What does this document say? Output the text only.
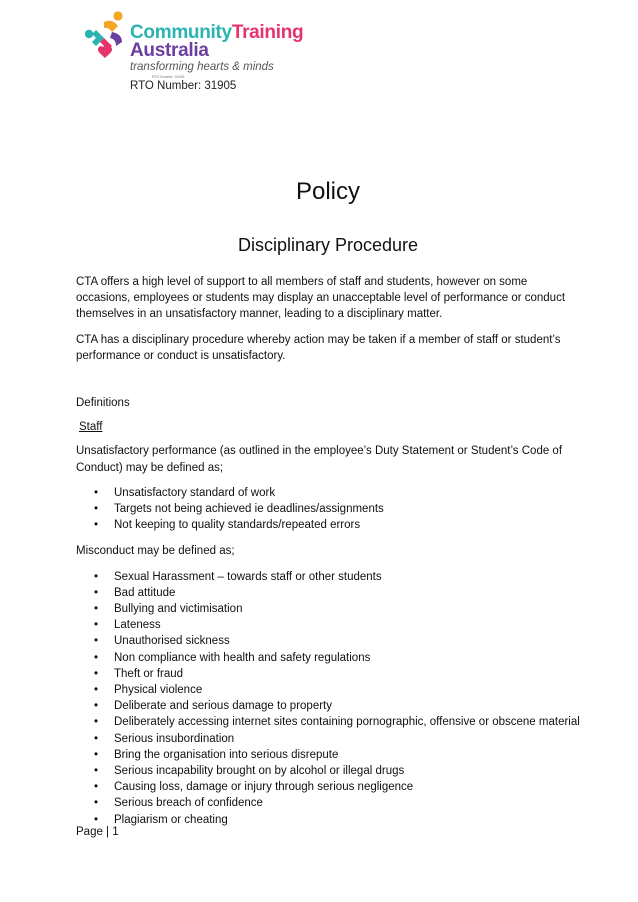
CommunityTraining
Australia
transforming hearts & minds
RTO Number: 31905
RTO Number: 31905
Policy
Disciplinary Procedure

CTA offers a high level of support to all members of staff and students, however on some occasions, employees or students may display an unacceptable level of performance or conduct themselves in an unsatisfactory manner, leading to a disciplinary matter.

CTA has a disciplinary procedure whereby action may be taken if a member of staff or student’s performance or conduct is unsatisfactory.

Definitions

Staff

Unsatisfactory performance (as outlined in the employee’s Duty Statement or Student’s Code of Conduct) may be defined as;

• Unsatisfactory standard of work
• Targets not being achieved ie deadlines/assignments
• Not keeping to quality standards/repeated errors

Misconduct may be defined as;

• Sexual Harassment – towards staff or other students
• Bad attitude
• Bullying and victimisation
• Lateness
• Unauthorised sickness
• Non compliance with health and safety regulations
• Theft or fraud
• Physical violence
• Deliberate and serious damage to property
• Deliberately accessing internet sites containing pornographic, offensive or obscene material
• Serious insubordination
• Bring the organisation into serious disrepute
• Serious incapability brought on by alcohol or illegal drugs
• Causing loss, damage or injury through serious negligence
• Serious breach of confidence
• Plagiarism or cheating
Page | 1
